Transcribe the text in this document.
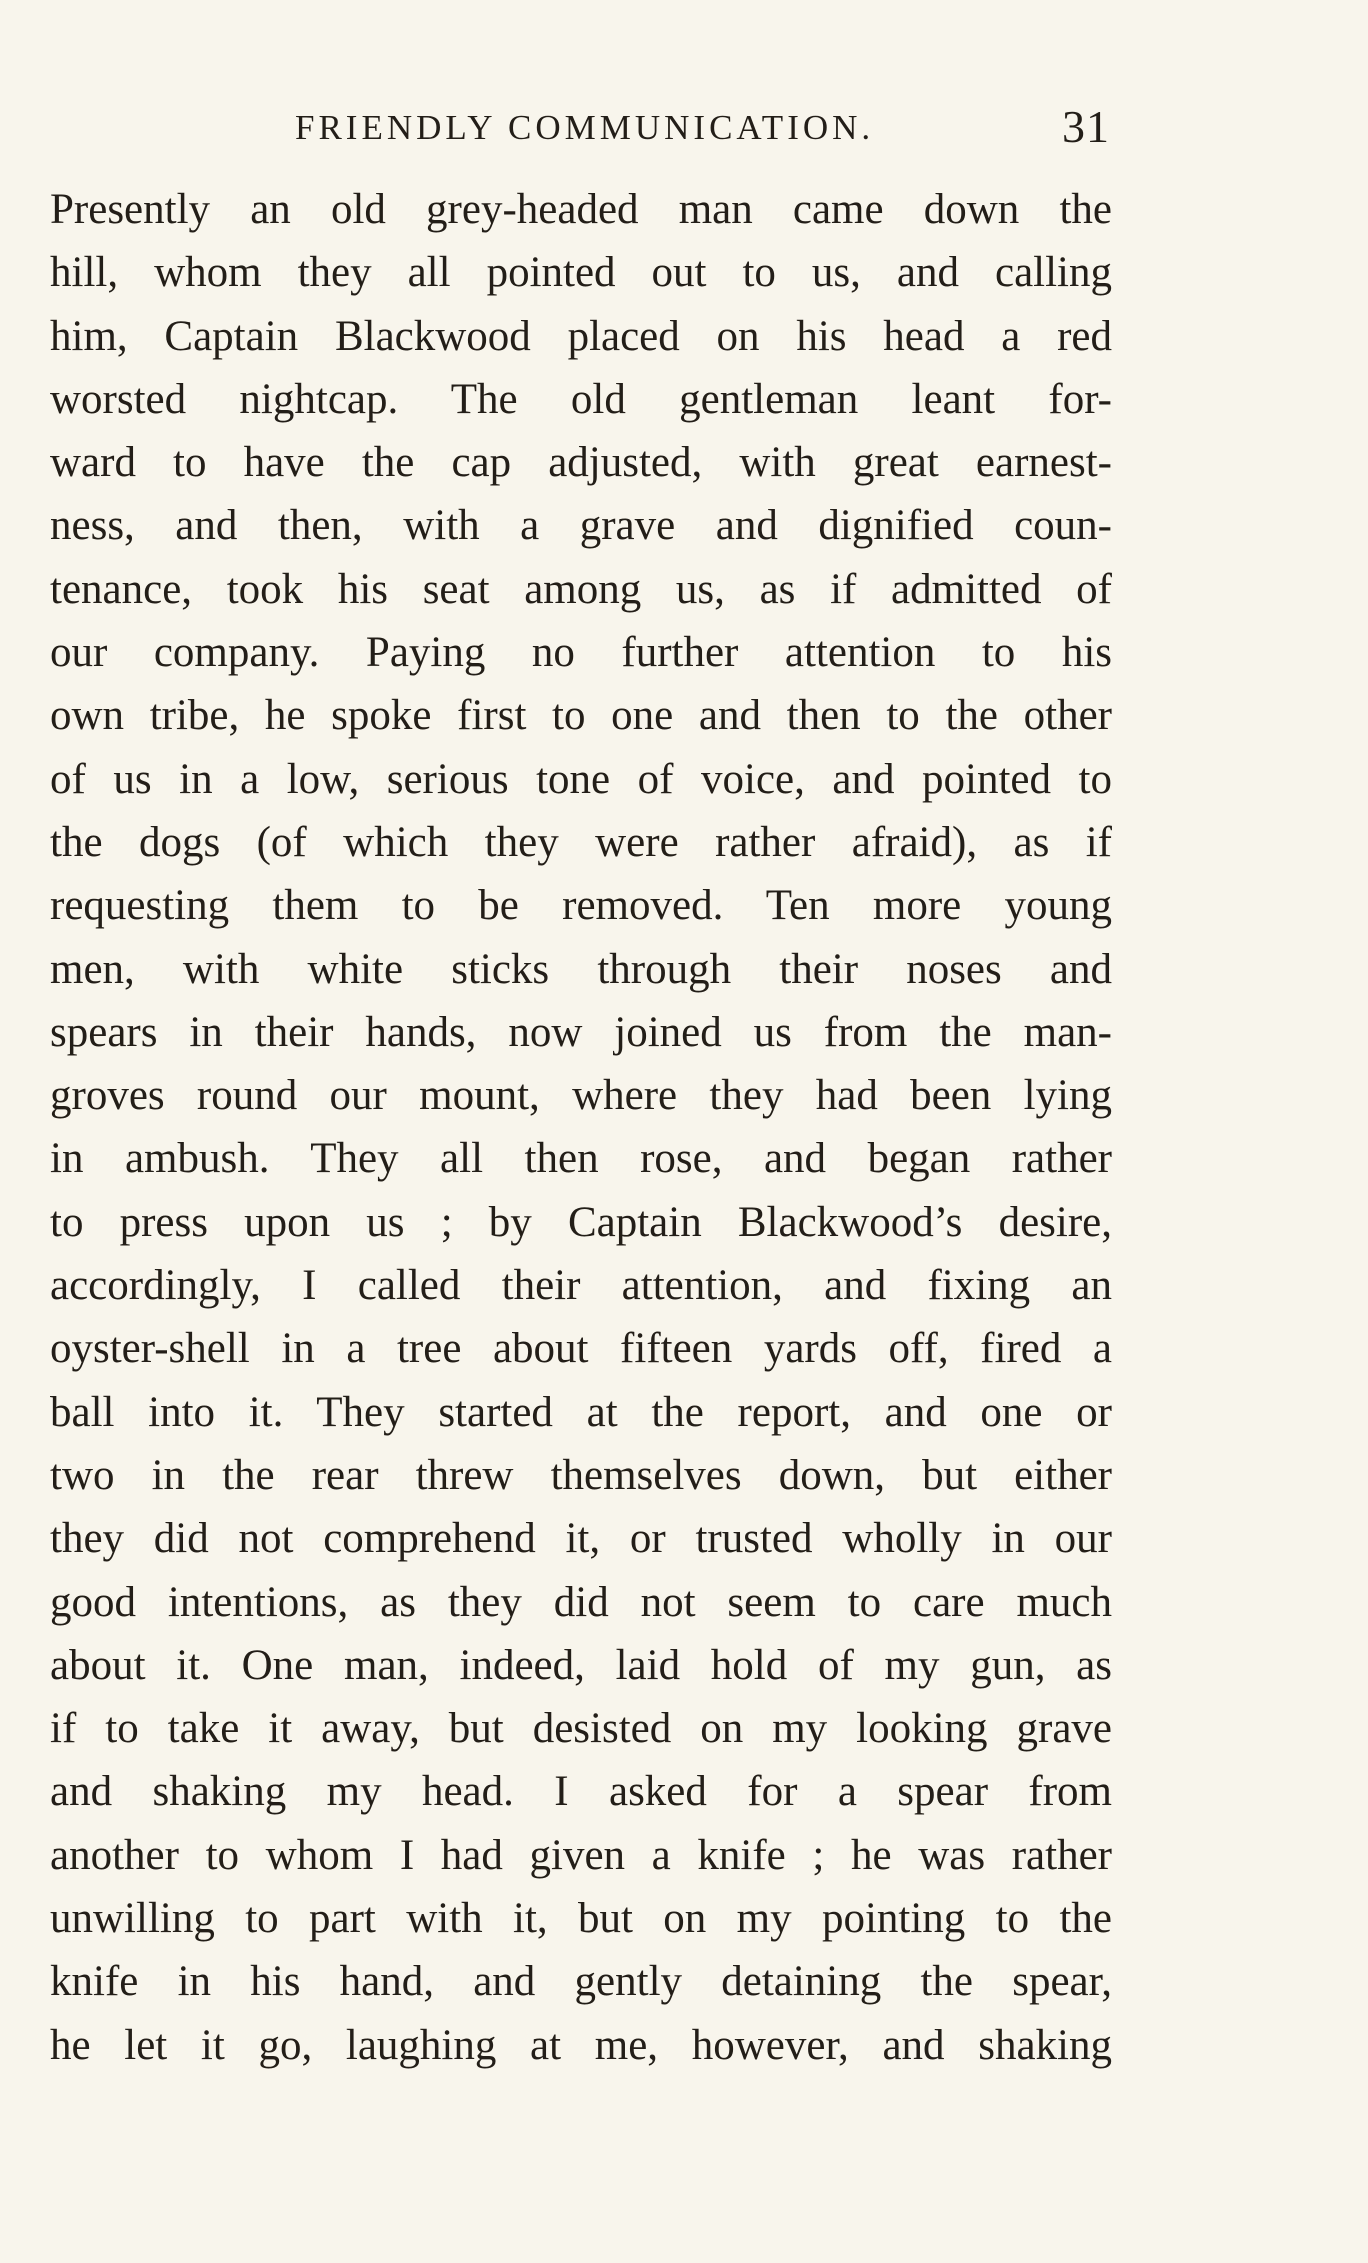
FRIENDLY COMMUNICATION.	31
Presently an old grey-headed man came down the
hill, whom they all pointed out to us, and calling
him, Captain Blackwood placed on his head a red
worsted nightcap. The old gentleman leant for-
ward to have the cap adjusted, with great earnest-
ness, and then, with a grave and dignified coun-
tenance, took his seat among us, as if admitted of
our company. Paying no further attention to his
own tribe, he spoke first to one and then to the other
of us in a low, serious tone of voice, and pointed to
the dogs (of which they were rather afraid), as if
requesting them to be removed. Ten more young
men, with white sticks through their noses and
spears in their hands, now joined us from the man-
groves round our mount, where they had been lying
in ambush. They all then rose, and began rather
to press upon us ; by Captain Blackwood’s desire,
accordingly, I called their attention, and fixing an
oyster-shell in a tree about fifteen yards off, fired a
ball into it. They started at the report, and one or
two in the rear threw themselves down, but either
they did not comprehend it, or trusted wholly in our
good intentions, as they did not seem to care much
about it. One man, indeed, laid hold of my gun, as
if to take it away, but desisted on my looking grave
and shaking my head. I asked for a spear from
another to whom I had given a knife ; he was rather
unwilling to part with it, but on my pointing to the
knife in his hand, and gently detaining the spear,
he let it go, laughing at me, however, and shaking
